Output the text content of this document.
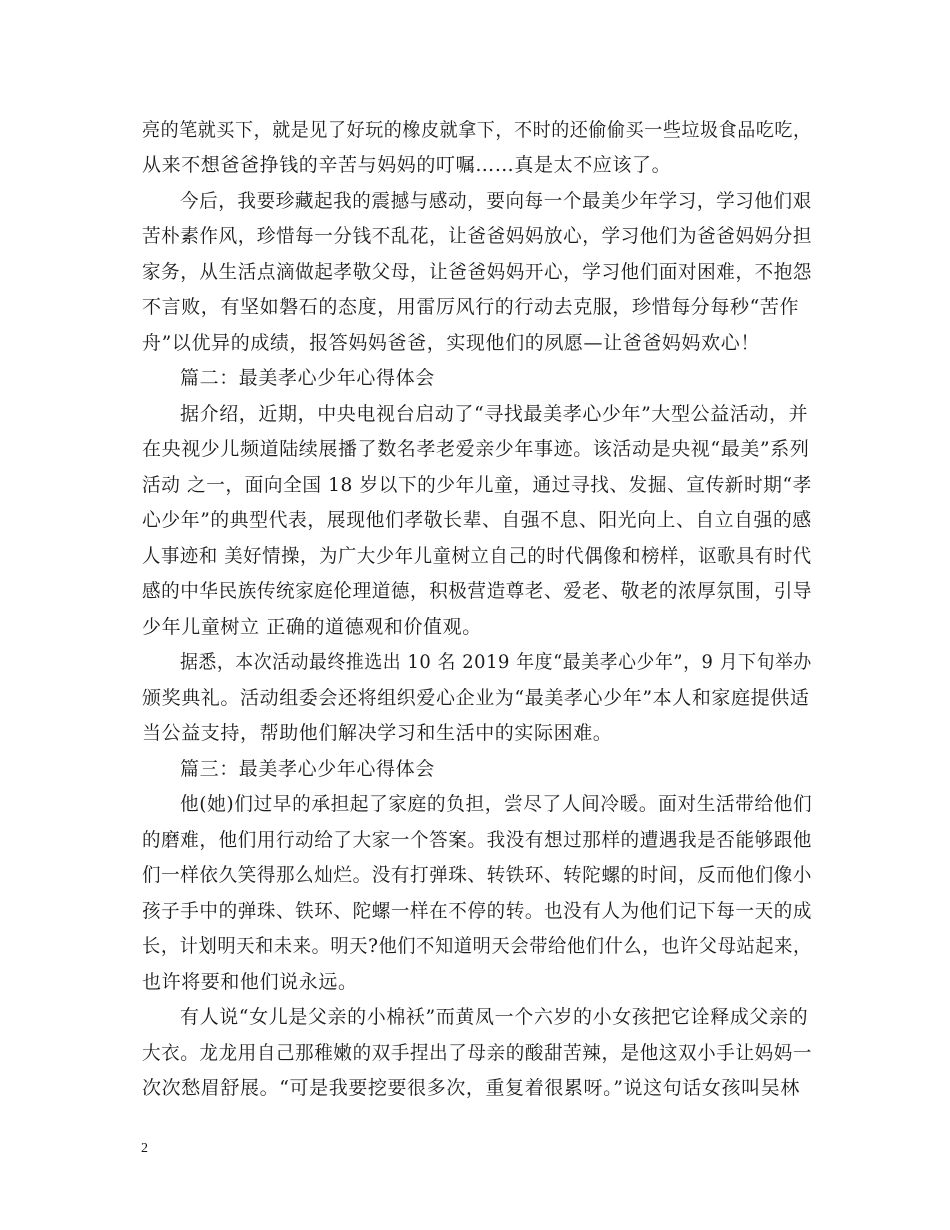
亮的笔就买下，就是见了好玩的橡皮就拿下，不时的还偷偷买一些垃圾食品吃吃，
从来不想爸爸挣钱的辛苦与妈妈的叮嘱……真是太不应该了。
今后，我要珍藏起我的震撼与感动，要向每一个最美少年学习，学习他们艰
苦朴素作风，珍惜每一分钱不乱花，让爸爸妈妈放心，学习他们为爸爸妈妈分担
家务，从生活点滴做起孝敬父母，让爸爸妈妈开心，学习他们面对困难，不抱怨
不言败，有坚如磐石的态度，用雷厉风行的行动去克服，珍惜每分每秒“苦作
舟”以优异的成绩，报答妈妈爸爸，实现他们的夙愿—让爸爸妈妈欢心！
篇二：最美孝心少年心得体会
据介绍，近期，中央电视台启动了“寻找最美孝心少年”大型公益活动，并
在央视少儿频道陆续展播了数名孝老爱亲少年事迹。该活动是央视“最美”系列
活动 之一，面向全国 18 岁以下的少年儿童，通过寻找、发掘、宣传新时期“孝
心少年”的典型代表，展现他们孝敬长辈、自强不息、阳光向上、自立自强的感
人事迹和 美好情操，为广大少年儿童树立自己的时代偶像和榜样，讴歌具有时代
感的中华民族传统家庭伦理道德，积极营造尊老、爱老、敬老的浓厚氛围，引导
少年儿童树立 正确的道德观和价值观。
据悉，本次活动最终推选出 10 名 2019 年度“最美孝心少年”，9 月下旬举办
颁奖典礼。活动组委会还将组织爱心企业为“最美孝心少年”本人和家庭提供适
当公益支持，帮助他们解决学习和生活中的实际困难。
篇三：最美孝心少年心得体会
他(她)们过早的承担起了家庭的负担，尝尽了人间冷暖。面对生活带给他们
的磨难，他们用行动给了大家一个答案。我没有想过那样的遭遇我是否能够跟他
们一样依久笑得那么灿烂。没有打弹珠、转铁环、转陀螺的时间，反而他们像小
孩子手中的弹珠、铁环、陀螺一样在不停的转。也没有人为他们记下每一天的成
长，计划明天和未来。明天?他们不知道明天会带给他们什么，也许父母站起来，
也许将要和他们说永远。
有人说“女儿是父亲的小棉袄”而黄凤一个六岁的小女孩把它诠释成父亲的
大衣。龙龙用自己那稚嫩的双手捏出了母亲的酸甜苦辣，是他这双小手让妈妈一
次次愁眉舒展。“可是我要挖要很多次，重复着很累呀。”说这句话女孩叫吴林
2
